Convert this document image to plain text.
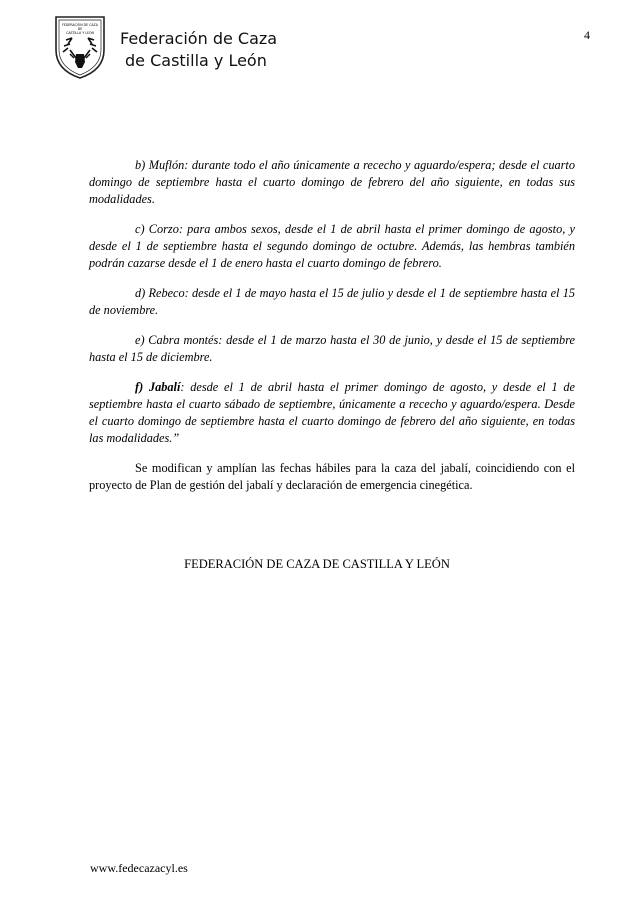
FEDERACIÓN DE CAZA
DE
CASTILLA Y LEÓN Federación de Caza
de Castilla y León
4

b) Muflón: durante todo el año únicamente a rececho y aguardo/espera; desde el cuarto domingo de septiembre hasta el cuarto domingo de febrero del año siguiente, en todas sus modalidades.

c) Corzo: para ambos sexos, desde el 1 de abril hasta el primer domingo de agosto, y desde el 1 de septiembre hasta el segundo domingo de octubre. Además, las hembras también podrán cazarse desde el 1 de enero hasta el cuarto domingo de febrero.

d) Rebeco: desde el 1 de mayo hasta el 15 de julio y desde el 1 de septiembre hasta el 15 de noviembre.

e) Cabra montés: desde el 1 de marzo hasta el 30 de junio, y desde el 15 de septiembre hasta el 15 de diciembre.

f) Jabalí: desde el 1 de abril hasta el primer domingo de agosto, y desde el 1 de septiembre hasta el cuarto sábado de septiembre, únicamente a rececho y aguardo/espera. Desde el cuarto domingo de septiembre hasta el cuarto domingo de febrero del año siguiente, en todas las modalidades.”

Se modifican y amplían las fechas hábiles para la caza del jabalí, coincidiendo con el proyecto de Plan de gestión del jabalí y declaración de emergencia cinegética.

FEDERACIÓN DE CAZA DE CASTILLA Y LEÓN
www.fedecazacyl.es
